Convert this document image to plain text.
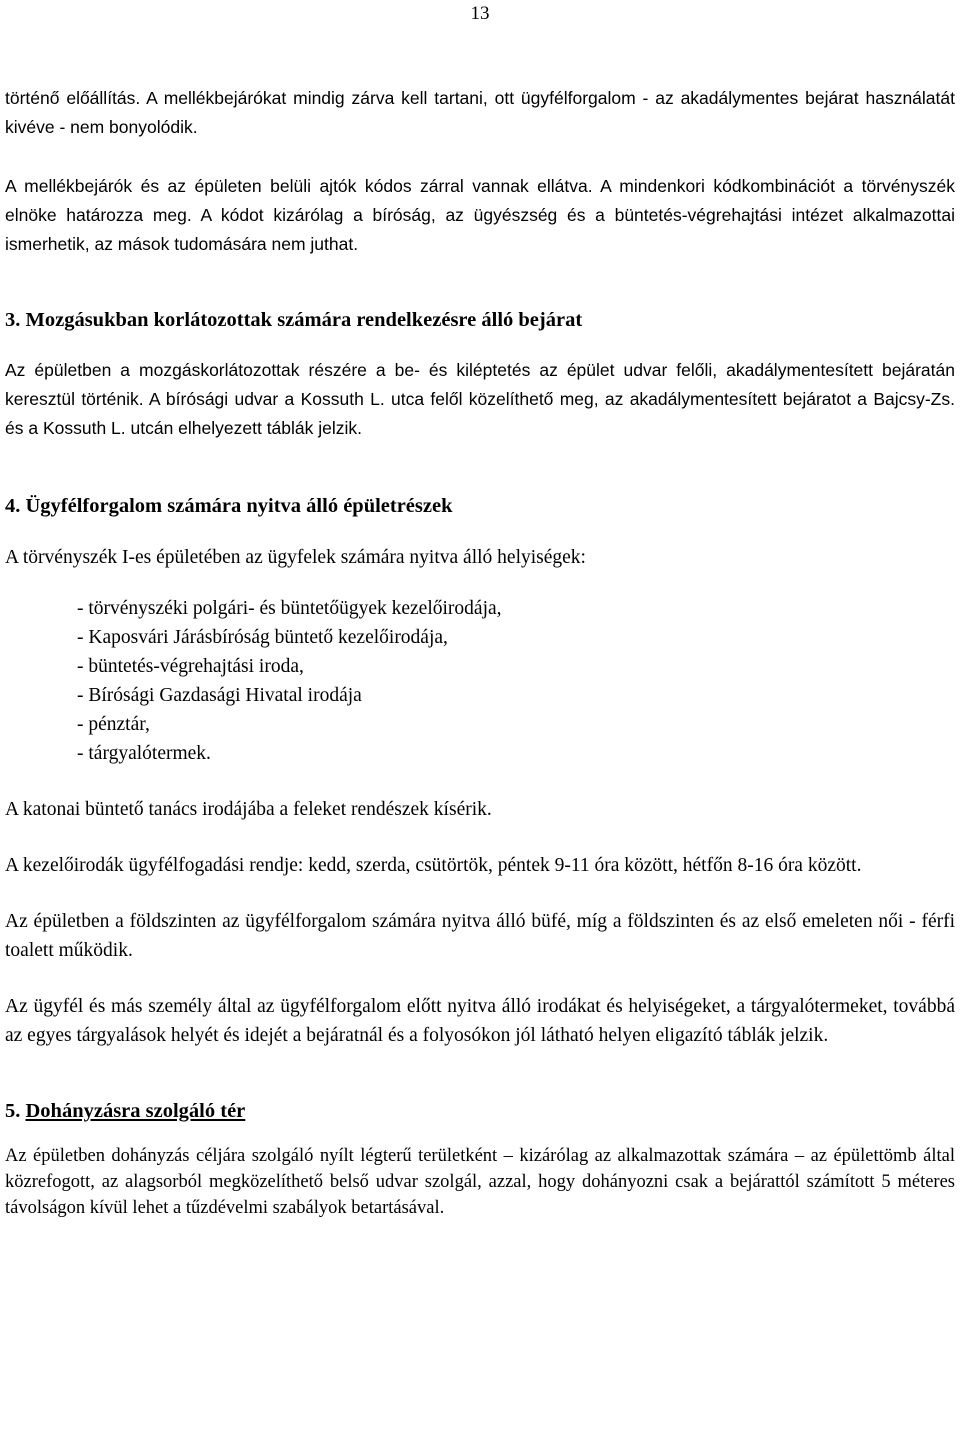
13

történő előállítás. A mellékbejárókat mindig zárva kell tartani, ott ügyfélforgalom - az akadálymentes bejárat használatát kivéve - nem bonyolódik.

A mellékbejárók és az épületen belüli ajtók kódos zárral vannak ellátva. A mindenkori kódkombinációt a törvényszék elnöke határozza meg. A kódot kizárólag a bíróság, az ügyészség és a büntetés-végrehajtási intézet alkalmazottai ismerhetik, az mások tudomására nem juthat.

3. Mozgásukban korlátozottak számára rendelkezésre álló bejárat

Az épületben a mozgáskorlátozottak részére a be- és kiléptetés az épület udvar felőli, akadálymentesített bejáratán keresztül történik. A bírósági udvar a Kossuth L. utca felől közelíthető meg, az akadálymentesített bejáratot a Bajcsy-Zs. és a Kossuth L. utcán elhelyezett táblák jelzik.

4. Ügyfélforgalom számára nyitva álló épületrészek

A törvényszék I-es épületében az ügyfelek számára nyitva álló helyiségek:

- törvényszéki polgári- és büntetőügyek kezelőirodája,
- Kaposvári Járásbíróság büntető kezelőirodája,
- büntetés-végrehajtási iroda,
- Bírósági Gazdasági Hivatal irodája
- pénztár,
- tárgyalótermek.

A katonai büntető tanács irodájába a feleket rendészek kísérik.

A kezelőirodák ügyfélfogadási rendje: kedd, szerda, csütörtök, péntek 9-11 óra között, hétfőn 8-16 óra között.

Az épületben a földszinten az ügyfélforgalom számára nyitva álló büfé, míg a földszinten és az első emeleten női - férfi toalett működik.

Az ügyfél és más személy által az ügyfélforgalom előtt nyitva álló irodákat és helyiségeket, a tárgyalótermeket, továbbá az egyes tárgyalások helyét és idejét a bejáratnál és a folyosókon jól látható helyen eligazító táblák jelzik.

5. Dohányzásra szolgáló tér

Az épületben dohányzás céljára szolgáló nyílt légterű területként – kizárólag az alkalmazottak számára – az épülettömb által közrefogott, az alagsorból megközelíthető belső udvar szolgál, azzal, hogy dohányozni csak a bejárattól számított 5 méteres távolságon kívül lehet a tűzdévelmi szabályok betartásával.
